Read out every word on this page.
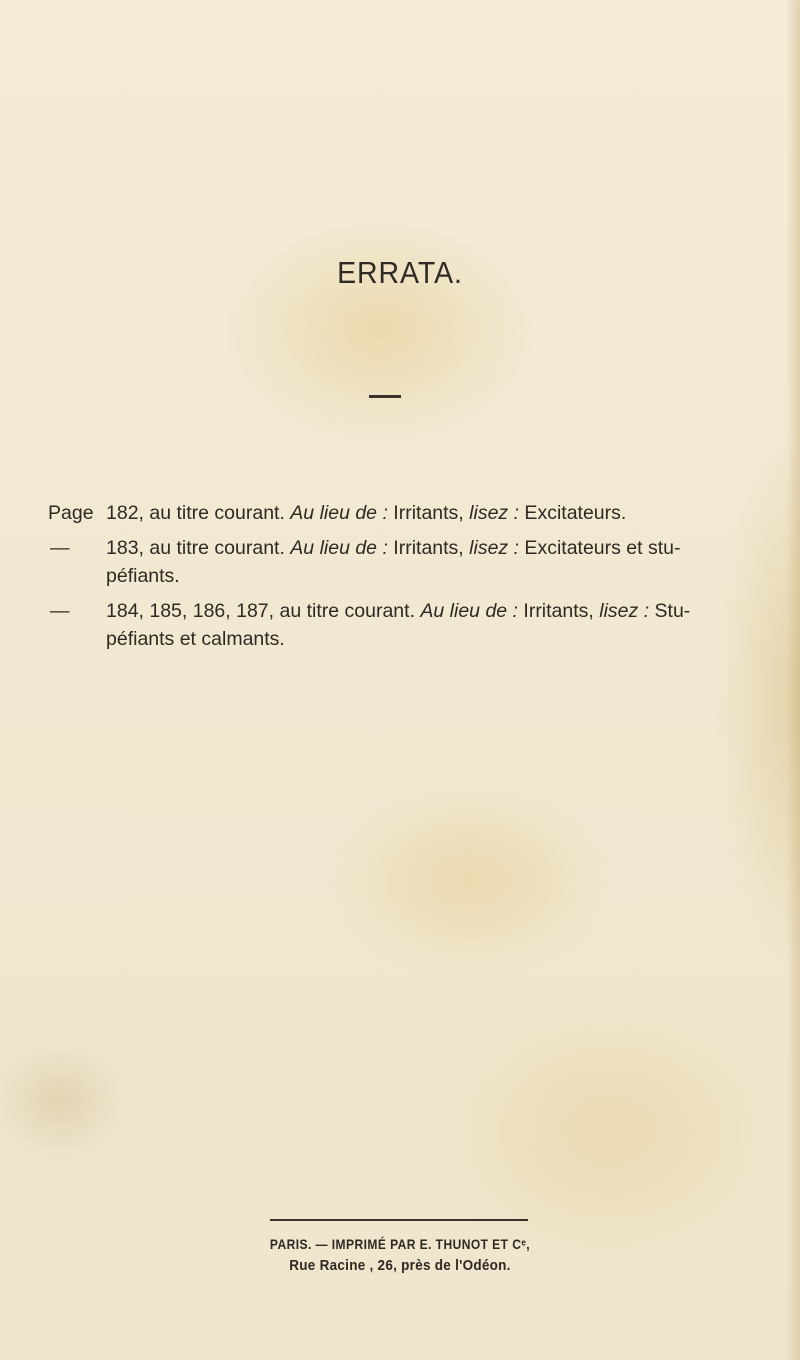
ERRATA.
Page 182, au titre courant. Au lieu de : Irritants, lisez : Excitateurs.
—	183, au titre courant. Au lieu de : Irritants, lisez : Excitateurs et stu-
péfiants.
—	184, 185, 186, 187, au titre courant. Au lieu de : Irritants, lisez : Stu-
péfiants et calmants.
PARIS. — IMPRIMÉ PAR E. THUNOT ET Cᵉ,
Rue Racine , 26, près de l'Odéon.
